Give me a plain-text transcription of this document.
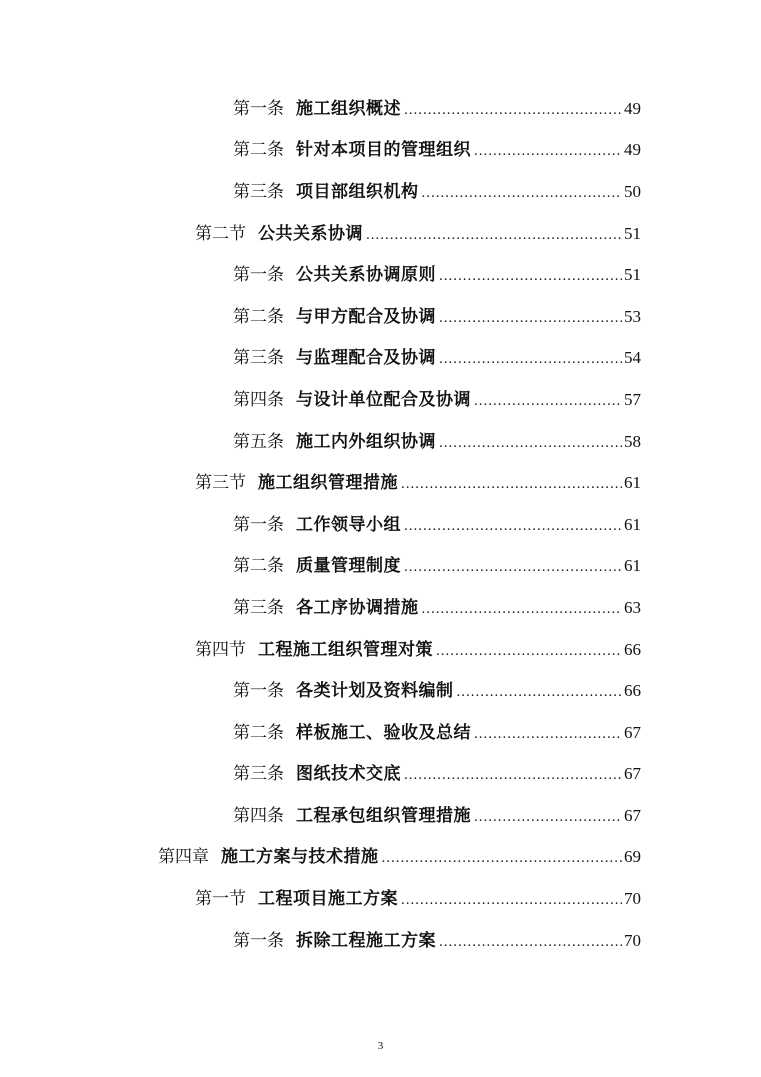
第一条 施工组织概述 .....	49
第二条 针对本项目的管理组织 .....	49
第三条 项目部组织机构 .....	50
第二节 公共关系协调 .....	51
第一条 公共关系协调原则 .....	51
第二条 与甲方配合及协调 .....	53
第三条 与监理配合及协调 .....	54
第四条 与设计单位配合及协调 .....	57
第五条 施工内外组织协调 .....	58
第三节 施工组织管理措施 .....	61
第一条 工作领导小组 .....	61
第二条 质量管理制度 .....	61
第三条 各工序协调措施 .....	63
第四节 工程施工组织管理对策 .....	66
第一条 各类计划及资料编制 .....	66
第二条 样板施工、验收及总结 .....	67
第三条 图纸技术交底 .....	67
第四条 工程承包组织管理措施 .....	67
第四章 施工方案与技术措施 .....	69
第一节 工程项目施工方案 .....	70
第一条 拆除工程施工方案 .....	70
3
